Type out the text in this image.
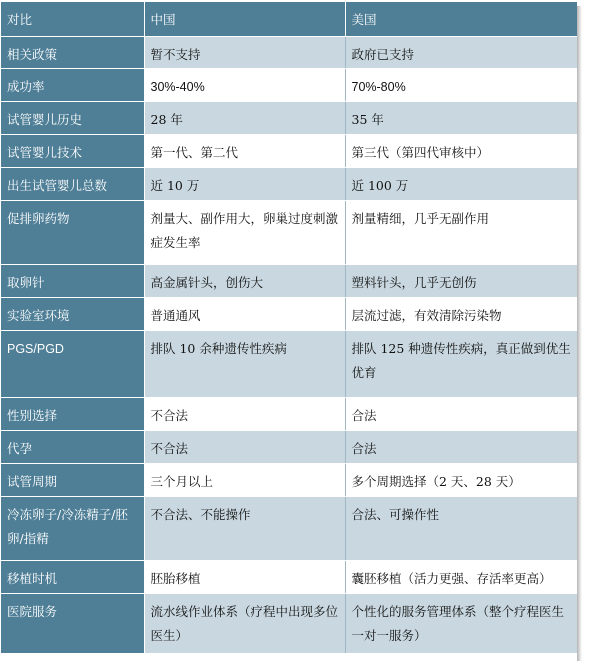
对比	中国	美国
相关政策	暂不支持	政府已支持
成功率	30%-40%	70%-80%
试管婴儿历史	28 年	35 年
试管婴儿技术	第一代、第二代	第三代（第四代审核中）
出生试管婴儿总数	近 10 万	近 100 万
促排卵药物	剂量大、副作用大，卵巢过度刺激症发生率	剂量精细，几乎无副作用
取卵针	高金属针头，创伤大	塑料针头，几乎无创伤
实验室环境	普通通风	层流过滤，有效清除污染物
PGS/PGD	排队 10 余种遗传性疾病	排队 125 种遗传性疾病，真正做到优生优育
性别选择	不合法	合法
代孕	不合法	合法
试管周期	三个月以上	多个周期选择（2 天、28 天）
冷冻卵子/冷冻精子/胚卵/指精	不合法、不能操作	合法、可操作性
移植时机	胚胎移植	囊胚移植（活力更强、存活率更高）
医院服务	流水线作业体系（疗程中出现多位医生）	个性化的服务管理体系（整个疗程医生一对一服务）
